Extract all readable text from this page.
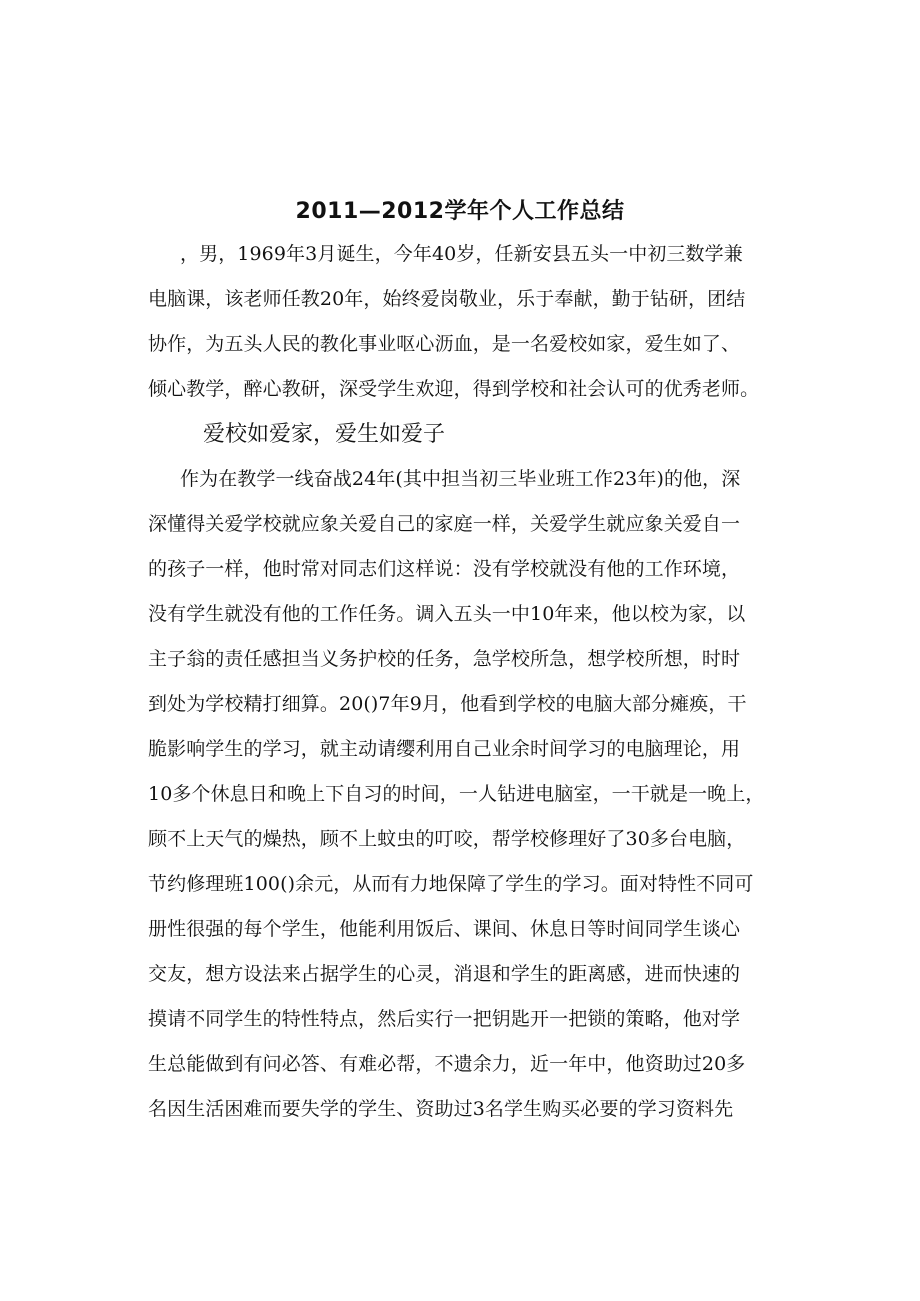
2011—2012学年个人工作总结
，男，1969年3月诞生，今年40岁，任新安县五头一中初三数学兼
电脑课，该老师任教20年，始终爱岗敬业，乐于奉献，勤于钻研，团结
协作，为五头人民的教化事业呕心沥血，是一名爱校如家，爱生如了、
倾心教学，醉心教研，深受学生欢迎，得到学校和社会认可的优秀老师。
爱校如爱家，爱生如爱子
作为在教学一线奋战24年(其中担当初三毕业班工作23年)的他，深
深懂得关爱学校就应象关爱自己的家庭一样，关爱学生就应象关爱自一
的孩子一样，他时常对同志们这样说：没有学校就没有他的工作环境，
没有学生就没有他的工作任务。调入五头一中10年来，他以校为家，以
主子翁的责任感担当义务护校的任务，急学校所急，想学校所想，时时
到处为学校精打细算。20()7年9月，他看到学校的电脑大部分瘫痪，干
脆影响学生的学习，就主动请缨利用自己业余时间学习的电脑理论，用
10多个休息日和晚上下自习的时间，一人钻进电脑室，一干就是一晚上，
顾不上天气的燥热，顾不上蚊虫的叮咬，帮学校修理好了30多台电脑，
节约修理班100()余元，从而有力地保障了学生的学习。面对特性不同可
册性很强的每个学生，他能利用饭后、课间、休息日等时间同学生谈心
交友，想方设法来占据学生的心灵，消退和学生的距离感，进而快速的
摸请不同学生的特性特点，然后实行一把钥匙开一把锁的策略，他对学
生总能做到有问必答、有难必帮，不遗余力，近一年中，他资助过20多
名因生活困难而要失学的学生、资助过3名学生购买必要的学习资料先
